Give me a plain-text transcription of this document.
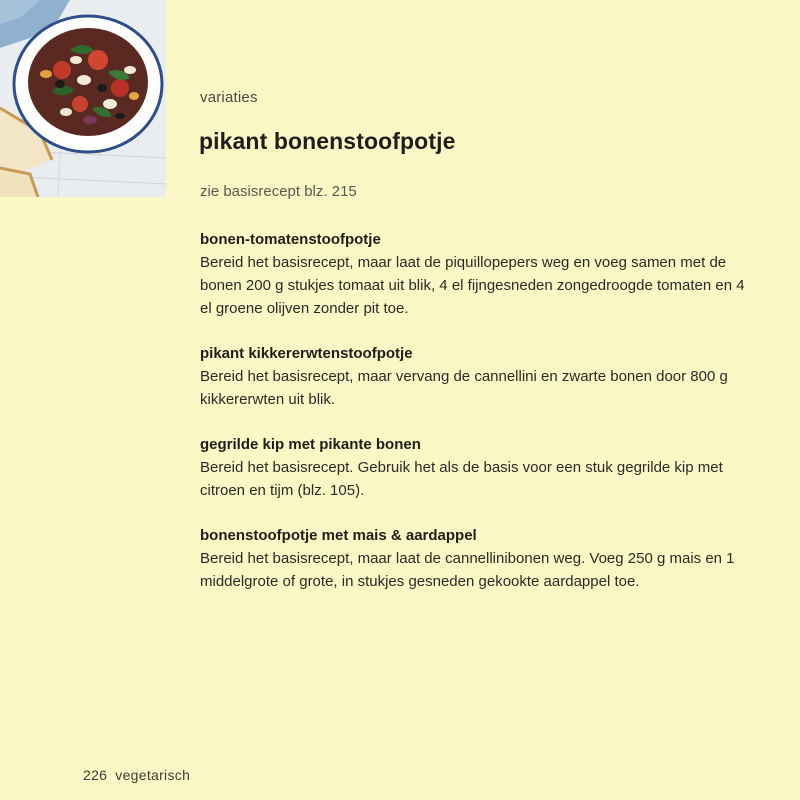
variaties
pikant bonenstoofpotje
zie basisrecept blz. 215
bonen-tomatenstoofpotje
Bereid het basisrecept, maar laat de piquillopepers weg en voeg samen met de bonen 200 g stukjes tomaat uit blik, 4 el fijngesneden zongedroogde tomaten en 4 el groene olijven zonder pit toe.
pikant kikkererwtenstoofpotje
Bereid het basisrecept, maar vervang de cannellini en zwarte bonen door 800 g kikkererwten uit blik.
gegrilde kip met pikante bonen
Bereid het basisrecept. Gebruik het als de basis voor een stuk gegrilde kip met citroen en tijm (blz. 105).
bonenstoofpotje met mais & aardappel
Bereid het basisrecept, maar laat de cannellinibonen weg. Voeg 250 g mais en 1 middelgrote of grote, in stukjes gesneden gekookte aardappel toe.
226 vegetarisch
